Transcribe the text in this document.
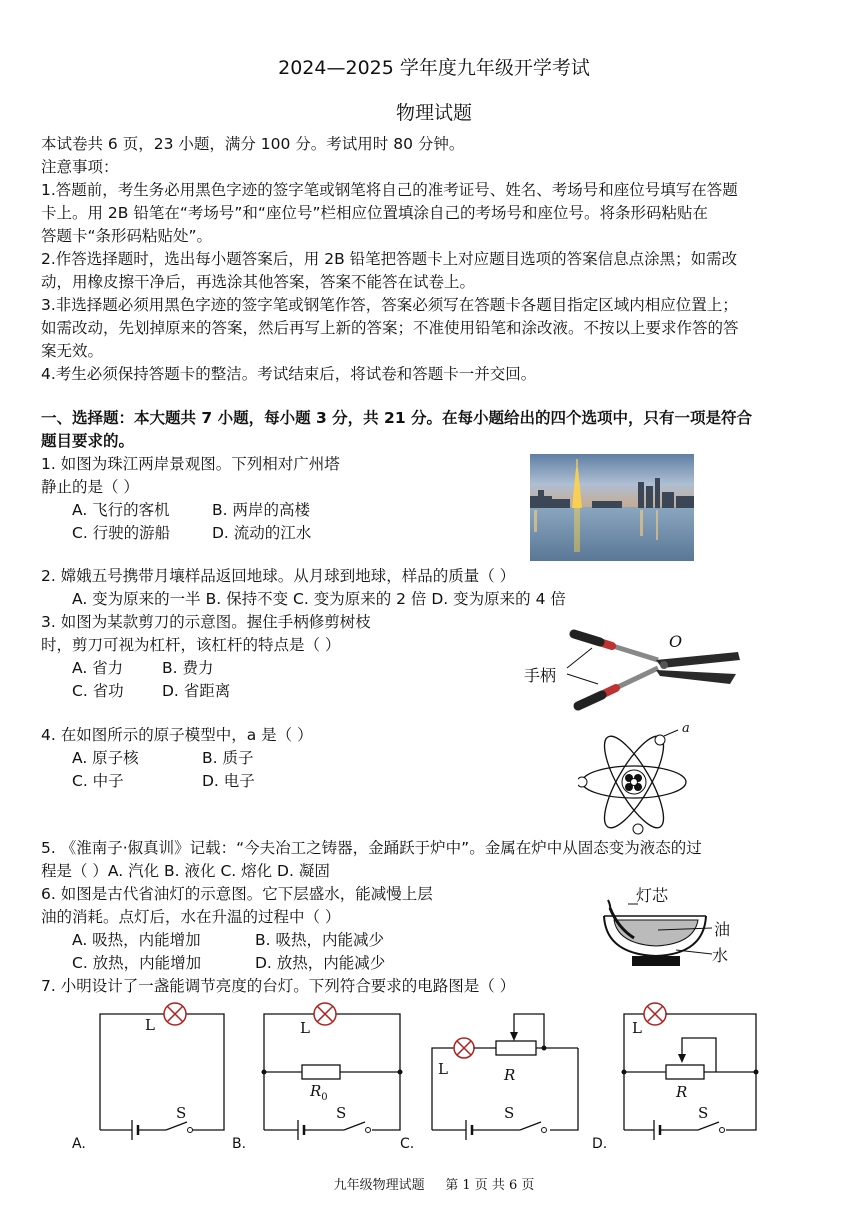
2024—2025 学年度九年级开学考试
物理试题
本试卷共 6 页，23 小题，满分 100 分。考试用时 80 分钟。
注意事项：
1.答题前，考生务必用黑色字迹的签字笔或钢笔将自己的准考证号、姓名、考场号和座位号填写在答题
卡上。用 2B 铅笔在“考场号”和“座位号”栏相应位置填涂自己的考场号和座位号。将条形码粘贴在
答题卡“条形码粘贴处”。
2.作答选择题时，选出每小题答案后，用 2B 铅笔把答题卡上对应题目选项的答案信息点涂黑；如需改
动，用橡皮擦干净后，再选涂其他答案，答案不能答在试卷上。
3.非选择题必须用黑色字迹的签字笔或钢笔作答，答案必须写在答题卡各题目指定区域内相应位置上；
如需改动，先划掉原来的答案，然后再写上新的答案；不准使用铅笔和涂改液。不按以上要求作答的答
案无效。
4.考生必须保持答题卡的整洁。考试结束后，将试卷和答题卡一并交回。
一、选择题：本大题共 7 小题，每小题 3 分，共 21 分。在每小题给出的四个选项中，只有一项是符合
题目要求的。
1. 如图为珠江两岸景观图。下列相对广州塔
静止的是（ ）
A. 飞行的客机	B. 两岸的高楼
C. 行驶的游船	D. 流动的江水
2. 嫦娥五号携带月壤样品返回地球。从月球到地球，样品的质量（ ）
A. 变为原来的一半 B. 保持不变 C. 变为原来的 2 倍 D. 变为原来的 4 倍
3. 如图为某款剪刀的示意图。握住手柄修剪树枝
时，剪刀可视为杠杆，该杠杆的特点是（ ）
A. 省力	B. 费力
C. 省功 D. 省距离
手柄
O
4. 在如图所示的原子模型中，a 是（ ）
A. 原子核	B. 质子
C. 中子	D. 电子
a
5. 《淮南子·俶真训》记载：“今夫冶工之铸器，金踊跃于炉中”。金属在炉中从固态变为液态的过
程是（ ）A. 汽化 B. 液化 C. 熔化 D. 凝固
6. 如图是古代省油灯的示意图。它下层盛水，能减慢上层
油的消耗。点灯后，水在升温的过程中（ ）
A. 吸热，内能增加	B. 吸热，内能减少
C. 放热，内能增加	D. 放热，内能减少
灯芯
油
水
7. 小明设计了一盏能调节亮度的台灯。下列符合要求的电路图是（ ）
L
S
A.
L
$R_0$
S
B.
L	R
S
C.
L
R
S
D.
九年级物理试题     第 1 页 共 6 页
